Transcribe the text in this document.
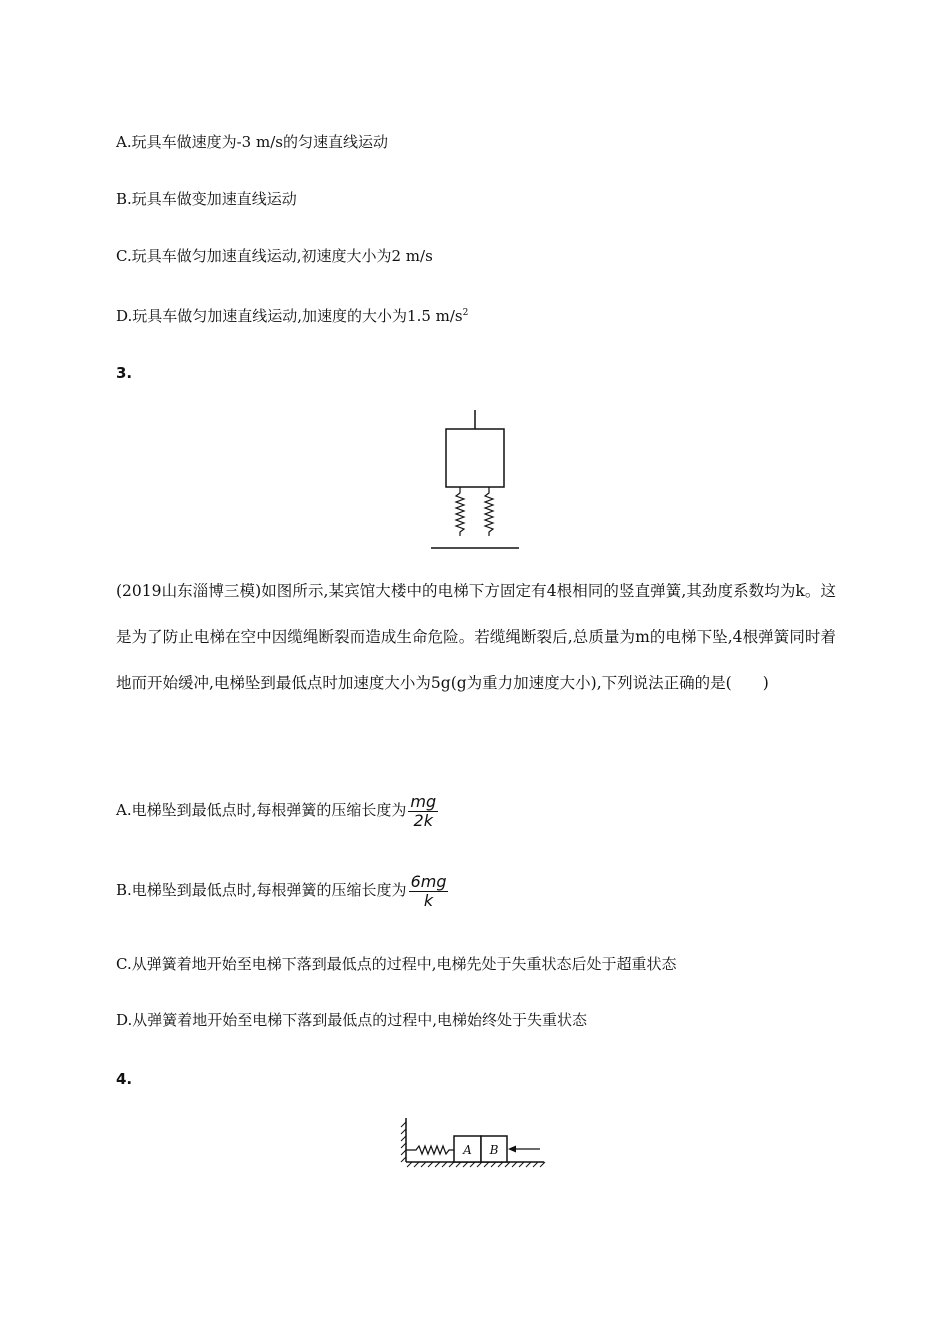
A.玩具车做速度为-3 m/s的匀速直线运动
B.玩具车做变加速直线运动
C.玩具车做匀加速直线运动,初速度大小为2 m/s
D.玩具车做匀加速直线运动,加速度的大小为1.5 $m/s^2$
3.
(2019山东淄博三模)如图所示,某宾馆大楼中的电梯下方固定有4根相同的竖直弹簧,其劲度系数均为k。这是为了防止电梯在空中因缆绳断裂而造成生命危险。若缆绳断裂后,总质量为m的电梯下坠,4根弹簧同时着地而开始缓冲,电梯坠到最低点时加速度大小为5g(g为重力加速度大小),下列说法正确的是(　　)
A.电梯坠到最低点时,每根弹簧的压缩长度为 $\frac{mg}{2k}$
B.电梯坠到最低点时,每根弹簧的压缩长度为 $\frac{6mg}{k}$
C.从弹簧着地开始至电梯下落到最低点的过程中,电梯先处于失重状态后处于超重状态
D.从弹簧着地开始至电梯下落到最低点的过程中,电梯始终处于失重状态
4.
A B
